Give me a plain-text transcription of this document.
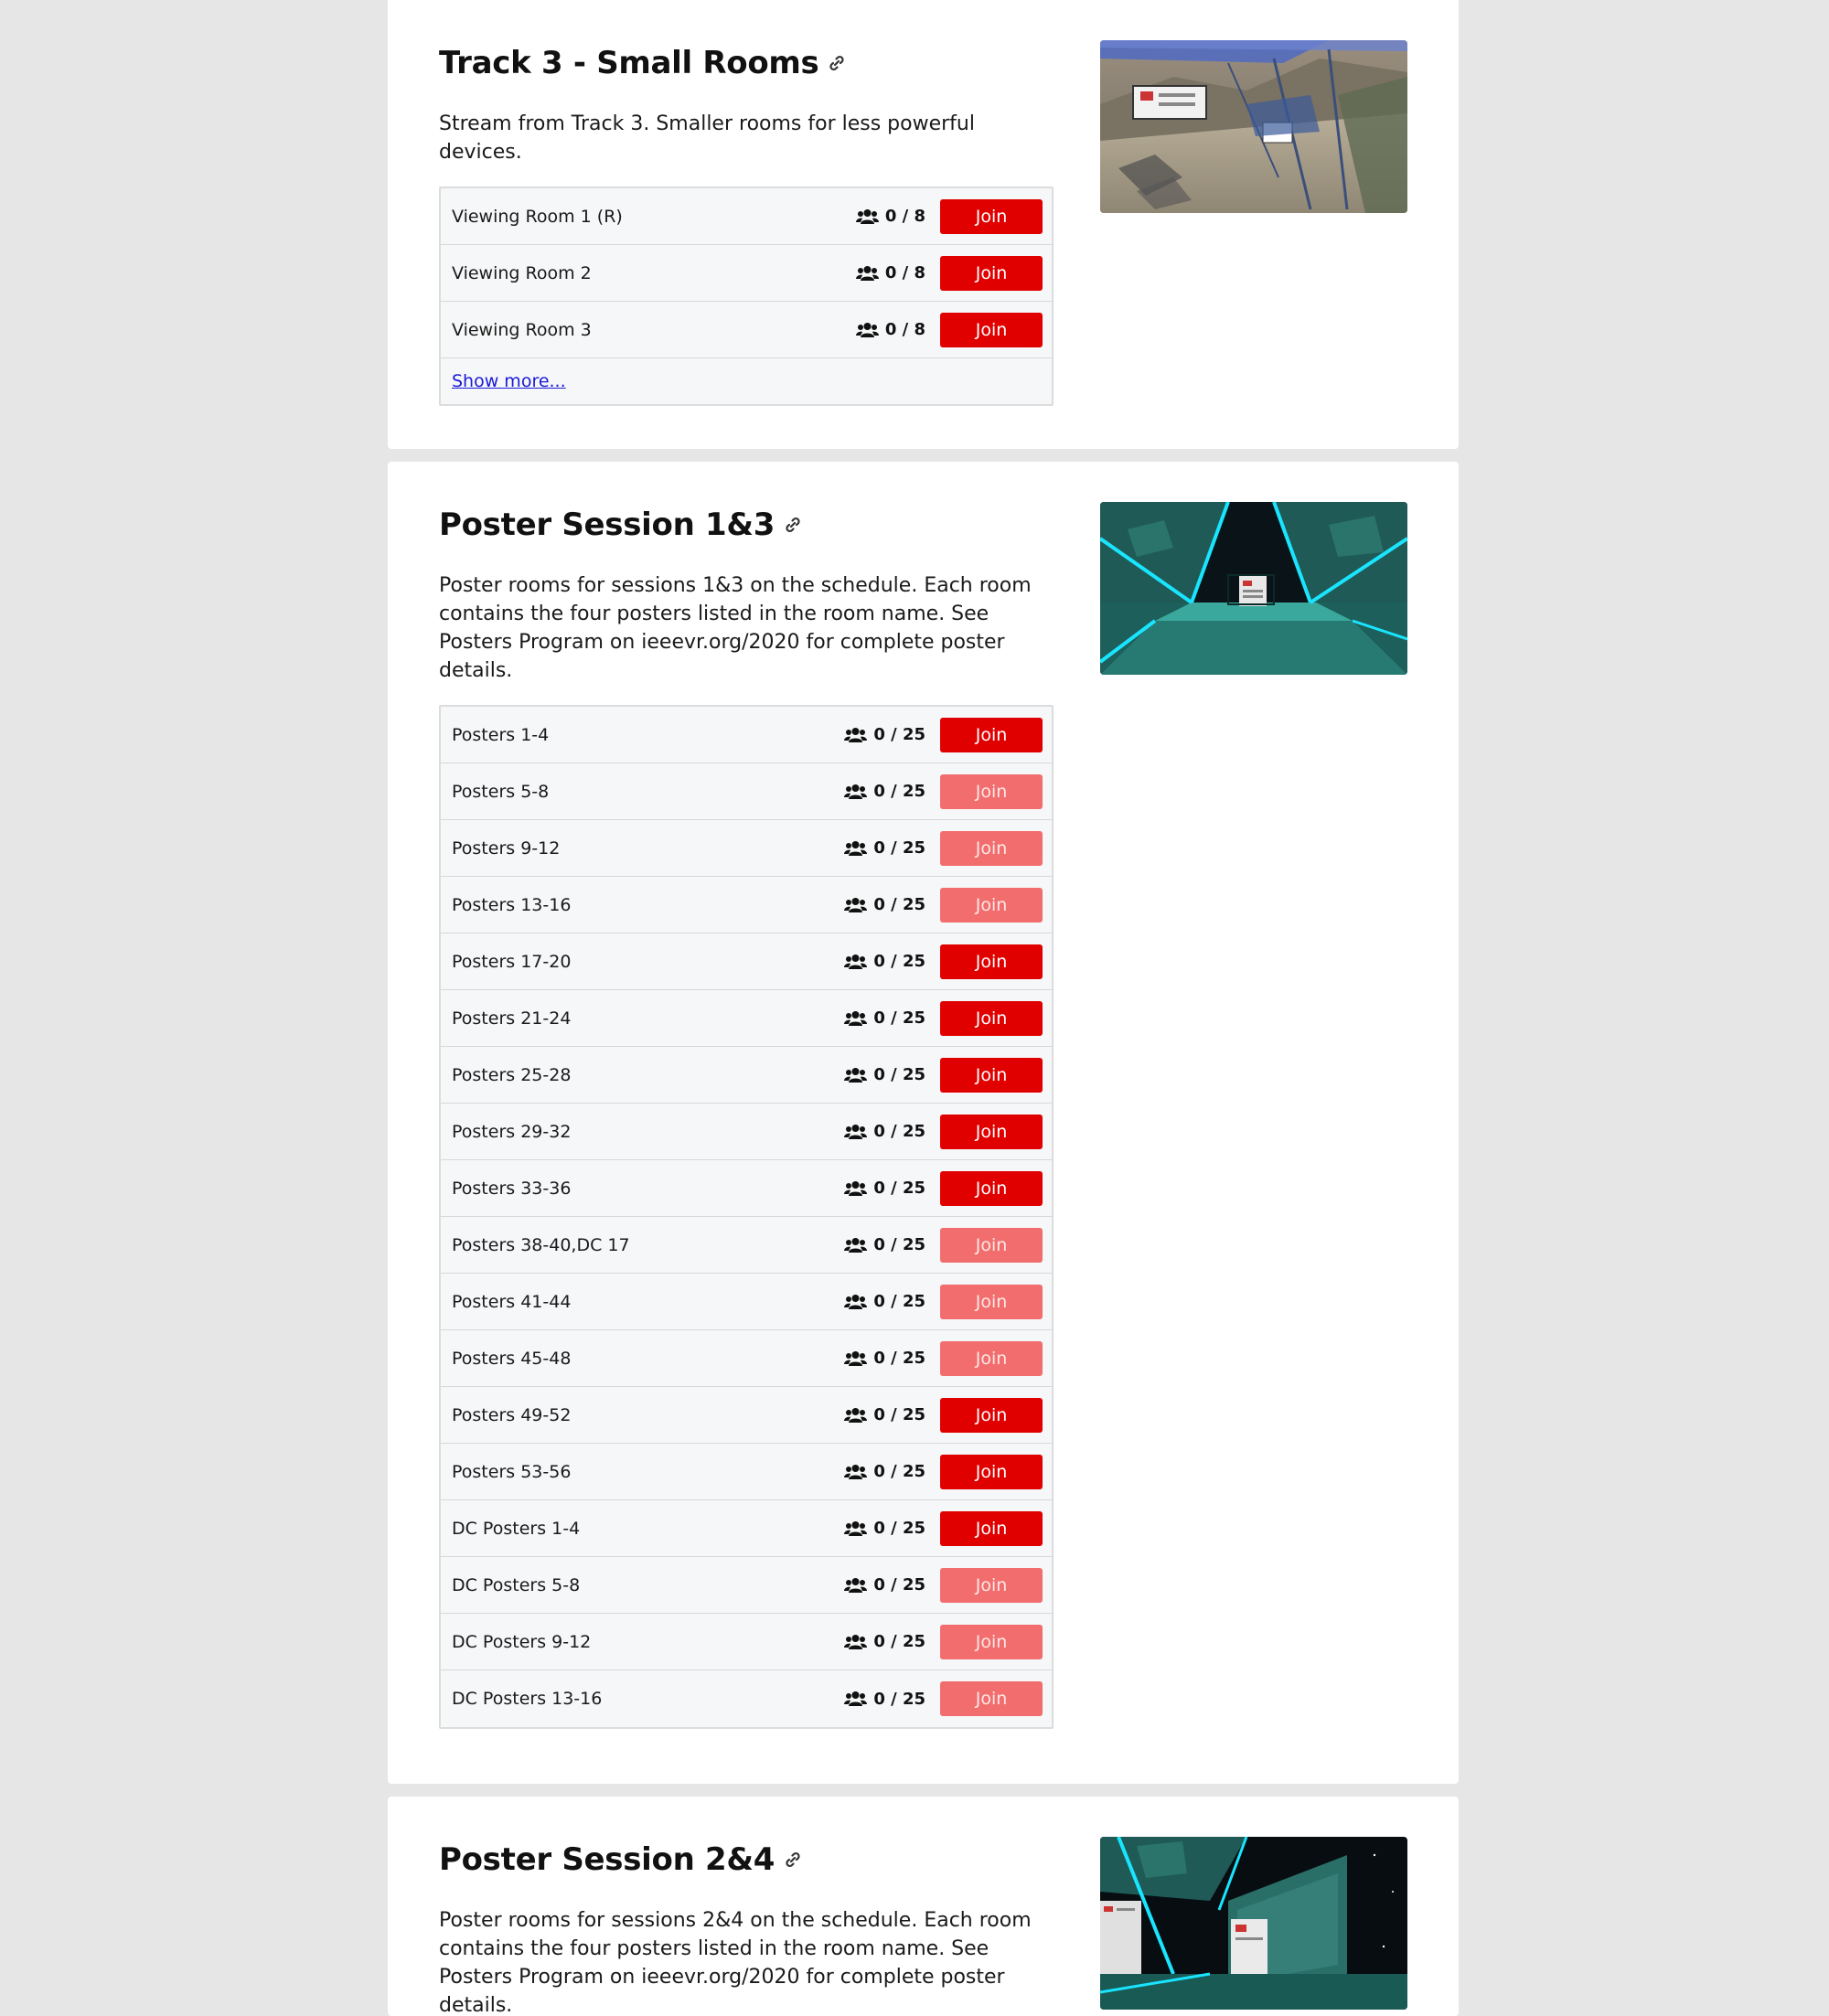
Track 3 - Small Rooms

Stream from Track 3. Smaller rooms for less powerful devices.

Viewing Room 1 (R)	0 / 8	Join
Viewing Room 2	0 / 8	Join
Viewing Room 3	0 / 8	Join
Show more...
Poster Session 1&3

Poster rooms for sessions 1&3 on the schedule. Each room contains the four posters listed in the room name. See Posters Program on ieeevr.org/2020 for complete poster details.

Posters 1-4	0 / 25	Join
Posters 5-8	0 / 25	Join
Posters 9-12	0 / 25	Join
Posters 13-16	0 / 25	Join
Posters 17-20	0 / 25	Join
Posters 21-24	0 / 25	Join
Posters 25-28	0 / 25	Join
Posters 29-32	0 / 25	Join
Posters 33-36	0 / 25	Join
Posters 38-40,DC 17	0 / 25	Join
Posters 41-44	0 / 25	Join
Posters 45-48	0 / 25	Join
Posters 49-52	0 / 25	Join
Posters 53-56	0 / 25	Join
DC Posters 1-4	0 / 25	Join
DC Posters 5-8	0 / 25	Join
DC Posters 9-12	0 / 25	Join
DC Posters 13-16	0 / 25	Join
Poster Session 2&4

Poster rooms for sessions 2&4 on the schedule. Each room contains the four posters listed in the room name. See Posters Program on ieeevr.org/2020 for complete poster details.
